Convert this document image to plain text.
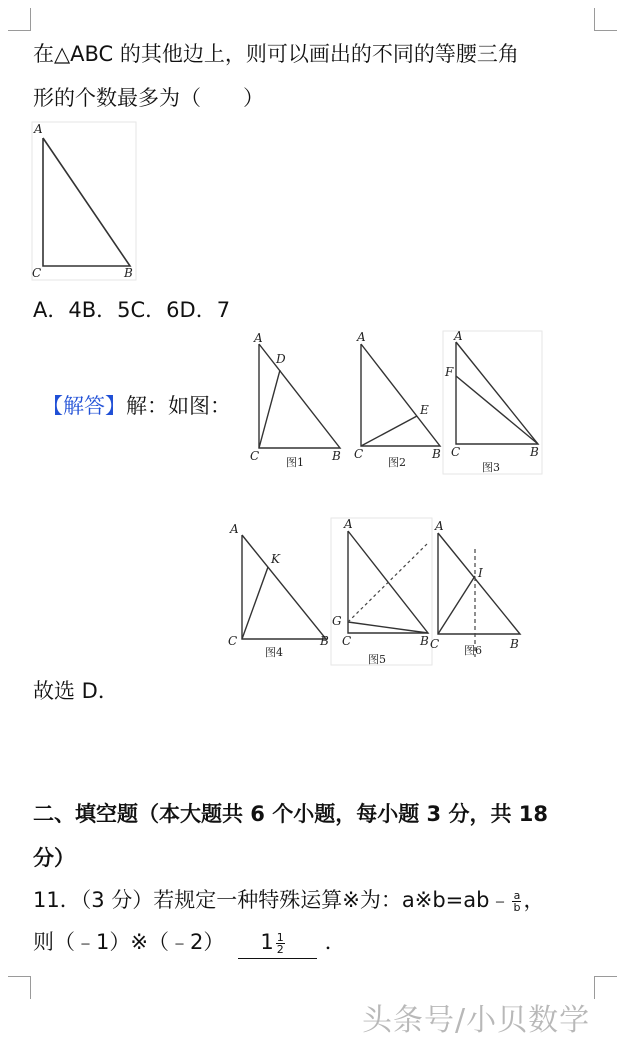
在△ABC 的其他边上，则可以画出的不同的等腰三角
形的个数最多为（　　）
A
C	B
A．4B．5C．6D．7
【解答】解：如图：
A
D
C	B
图1
A
E
C	B
图2
A
F
C	B
图3
A
K
C	B
图4
A
G
C	B
图5
A
I
C	B
图6
故选 D．
二、填空题（本大题共 6 个小题，每小题 3 分，共 18
分）
11．（3 分）若规定一种特殊运算※为：a※b=ab﹣ $\frac{a}{b}$ ，
则（﹣1）※（﹣2） $1 \frac{1}{2}$ ．
头条号/小贝数学
